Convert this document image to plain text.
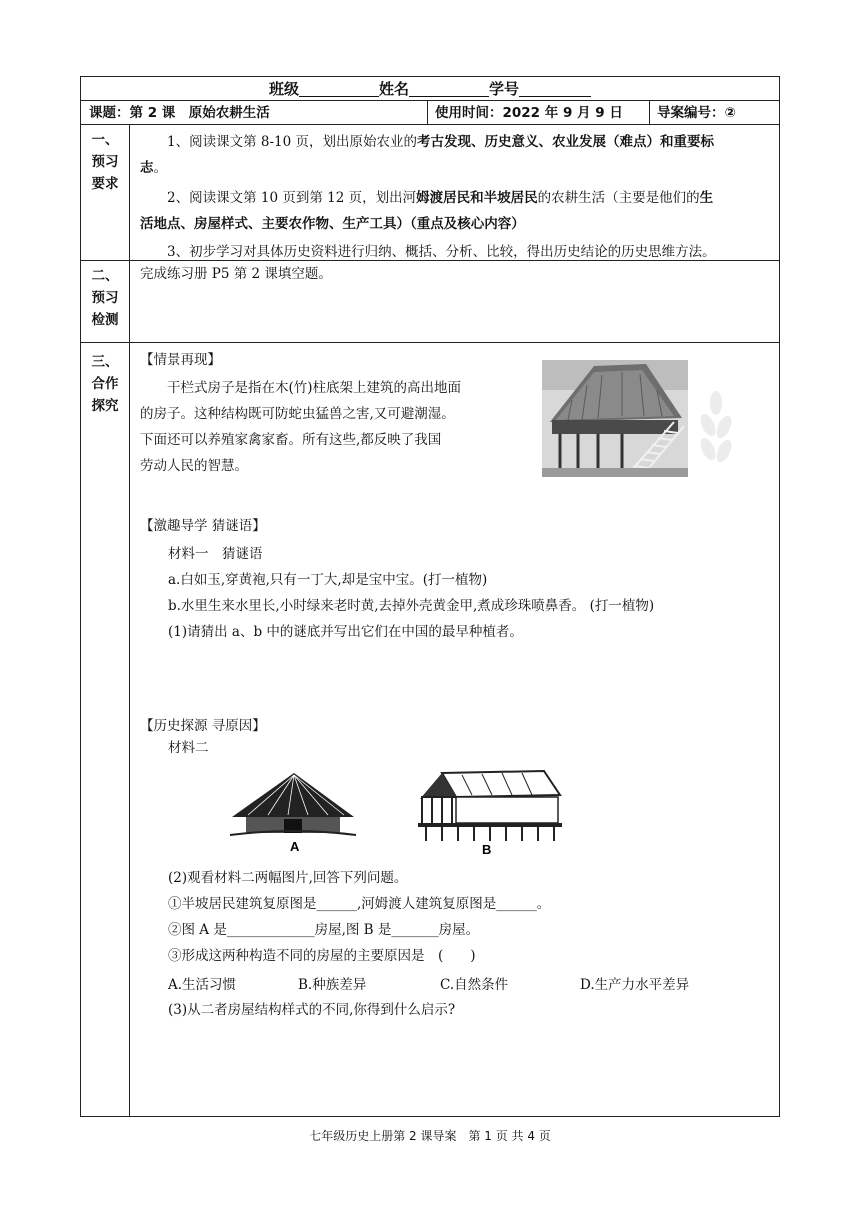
班级	姓名	学号
课题：第 2 课　原始农耕生活	使用时间：2022 年 9 月 9 日	导案编号：②
一、
预习
要求

1、阅读课文第 8-10 页，划出原始农业的考古发现、历史意义、农业发展（难点）和重要标

志。

2、阅读课文第 10 页到第 12 页，划出河姆渡居民和半坡居民的农耕生活（主要是他们的生

活地点、房屋样式、主要农作物、生产工具）（重点及核心内容）

3、初步学习对具体历史资料进行归纳、概括、分析、比较，得出历史结论的历史思维方法。

二、
预习
检测

完成练习册 P5 第 2 课填空题。

三、
合作
探究

【情景再现】

干栏式房子是指在木(竹)柱底架上建筑的高出地面

的房子。这种结构既可防蛇虫猛兽之害,又可避潮湿。

下面还可以养殖家禽家畜。所有这些,都反映了我国

劳动人民的智慧。

【激趣导学 猜谜语】

材料一　猜谜语

a.白如玉,穿黄袍,只有一丁大,却是宝中宝。(打一植物)

b.水里生来水里长,小时绿来老时黄,去掉外壳黄金甲,煮成珍珠喷鼻香。 (打一植物)

(1)请猜出 a、b 中的谜底并写出它们在中国的最早种植者。

【历史探源 寻原因】

材料二

A	B

(2)观看材料二两幅图片,回答下列问题。

①半坡居民建筑复原图是______,河姆渡人建筑复原图是______。

②图 A 是_____________房屋,图 B 是_______房屋。

③形成这两种构造不同的房屋的主要原因是　(　　)

A.生活习惯	B.种族差异	C.自然条件	D.生产力水平差异

(3)从二者房屋结构样式的不同,你得到什么启示?

七年级历史上册第 2 课导案　第 1 页 共 4 页
